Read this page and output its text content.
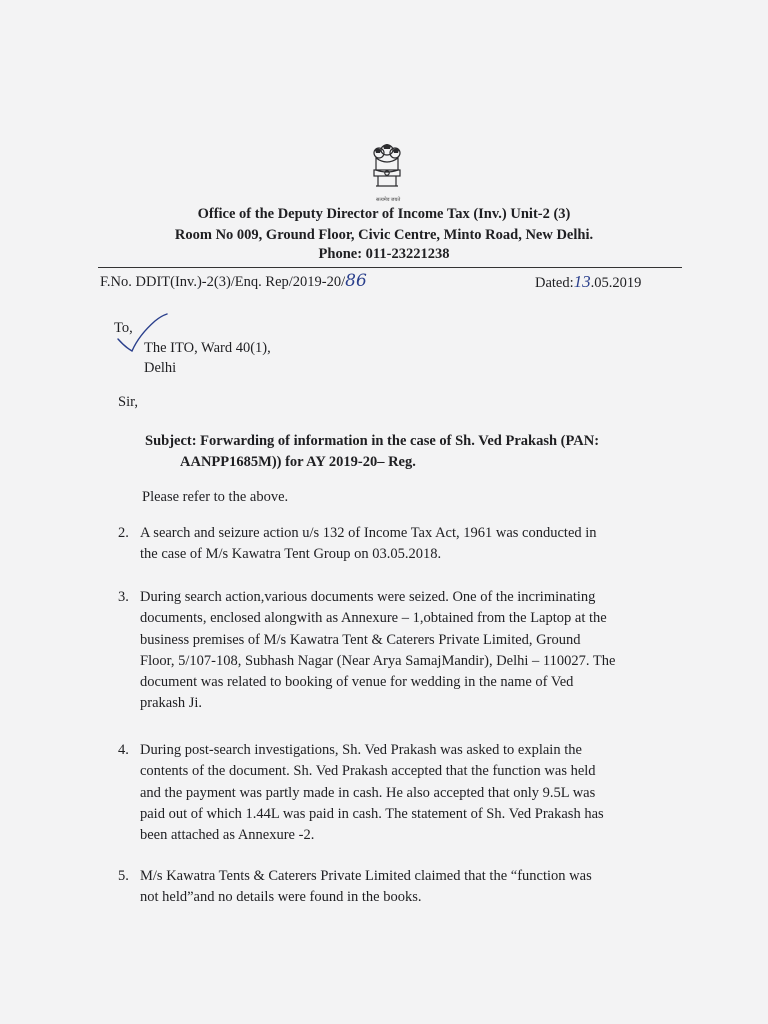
सत्यमेव जयते
Office of the Deputy Director of Income Tax (Inv.) Unit-2 (3)
Room No 009, Ground Floor, Civic Centre, Minto Road, New Delhi.
Phone: 011-23221238
F.No. DDIT(Inv.)-2(3)/Enq. Rep/2019-20/86	Dated:13.05.2019
To,
The ITO, Ward 40(1),
Delhi
Sir,
Subject: Forwarding of information in the case of Sh. Ved Prakash (PAN:
AANPP1685M)) for AY 2019-20– Reg.
Please refer to the above.
2. A search and seizure action u/s 132 of Income Tax Act, 1961 was conducted in
the case of M/s Kawatra Tent Group on 03.05.2018.
3. During search action,various documents were seized. One of the incriminating
documents, enclosed alongwith as Annexure – 1,obtained from the Laptop at the
business premises of M/s Kawatra Tent & Caterers Private Limited, Ground
Floor, 5/107-108, Subhash Nagar (Near Arya SamajMandir), Delhi – 110027. The
document was related to booking of venue for wedding in the name of Ved
prakash Ji.
4. During post-search investigations, Sh. Ved Prakash was asked to explain the
contents of the document. Sh. Ved Prakash accepted that the function was held
and the payment was partly made in cash. He also accepted that only 9.5L was
paid out of which 1.44L was paid in cash. The statement of Sh. Ved Prakash has
been attached as Annexure -2.
5. M/s Kawatra Tents & Caterers Private Limited claimed that the “function was
not held”and no details were found in the books.
